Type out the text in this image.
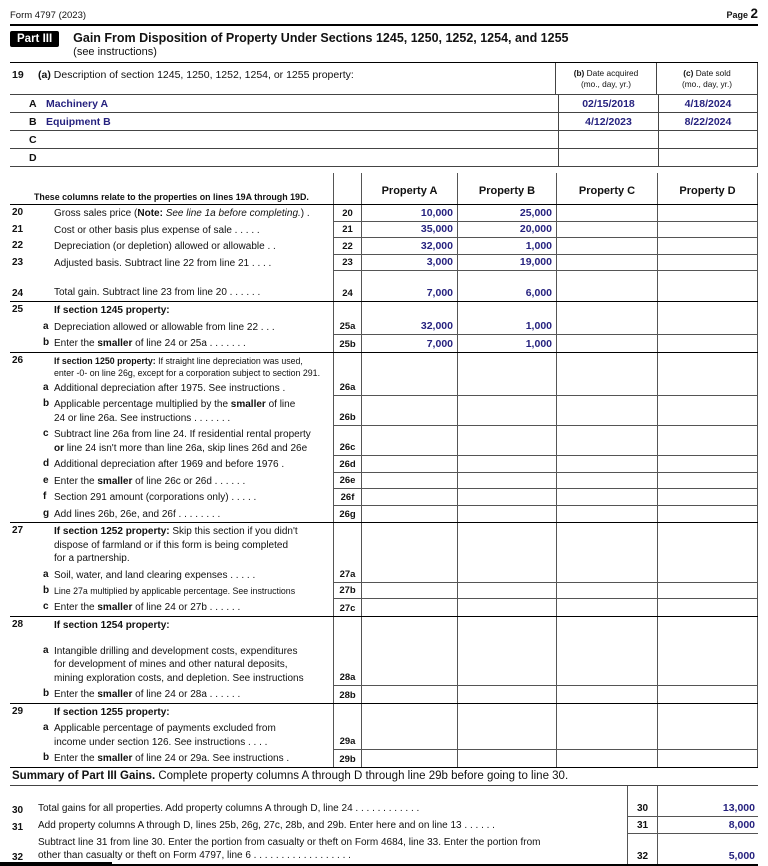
Form 4797 (2023)	Page 2
Part III	Gain From Disposition of Property Under Sections 1245, 1250, 1252, 1254, and 1255
(see instructions)
19	(a) Description of section 1245, 1250, 1252, 1254, or 1255 property:	(b) Date acquired
(mo., day, yr.)
(c) Date sold
(mo., day, yr.)
A Machinery A	02/15/2018	4/18/2024
B Equipment B	4/12/2023	8/22/2024
C
D
These columns relate to the properties on lines 19A through 19D.	Property A	Property B	Property C	Property D
20	Gross sales price (Note: See line 1a before completing.) .	20	10,000	25,000
21	Cost or other basis plus expense of sale . . . . .	21	35,000	20,000
22	Depreciation (or depletion) allowed or allowable . .	22	32,000	1,000
23	Adjusted basis. Subtract line 22 from line 21 . . . .	23	3,000	19,000
24	Total gain. Subtract line 23 from line 20 . . . . . .	24	7,000	6,000
25	If section 1245 property:
a Depreciation allowed or allowable from line 22 . . .	25a	32,000	1,000
b Enter the smaller of line 24 or 25a . . . . . . .	25b	7,000	1,000
26	If section 1250 property: If straight line depreciation was used,
enter -0- on line 26g, except for a corporation subject to section 291.
a Additional depreciation after 1975. See instructions .	26a
b Applicable percentage multiplied by the smaller of line
24 or line 26a. See instructions . . . . . . .	26b
c Subtract line 26a from line 24. If residential rental property
or line 24 isn't more than line 26a, skip lines 26d and 26e	26c
d Additional depreciation after 1969 and before 1976 .	26d
e Enter the smaller of line 26c or 26d . . . . . .	26e
f Section 291 amount (corporations only) . . . . .	26f
g Add lines 26b, 26e, and 26f . . . . . . . .	26g
27	If section 1252 property: Skip this section if you didn't
dispose of farmland or if this form is being completed
for a partnership.
a Soil, water, and land clearing expenses . . . . .	27a
b Line 27a multiplied by applicable percentage. See instructions	27b
c Enter the smaller of line 24 or 27b . . . . . .	27c
28	If section 1254 property:
a Intangible drilling and development costs, expenditures
for development of mines and other natural deposits,
mining exploration costs, and depletion. See instructions	28a
b Enter the smaller of line 24 or 28a . . . . . .	28b
29	If section 1255 property:
a Applicable percentage of payments excluded from
income under section 126. See instructions . . . .	29a
b Enter the smaller of line 24 or 29a. See instructions .	29b
Summary of Part III Gains. Complete property columns A through D through line 29b before going to line 30.
30	Total gains for all properties. Add property columns A through D, line 24 . . . . . . . . . . . .	30	13,000
31	Add property columns A through D, lines 25b, 26g, 27c, 28b, and 29b. Enter here and on line 13 . . . . . .	31	8,000
32
Subtract line 31 from line 30. Enter the portion from casualty or theft on Form 4684, line 33. Enter the portion from
other than casualty or theft on Form 4797, line 6 . . . . . . . . . . . . . . . . . .	32	5,000
